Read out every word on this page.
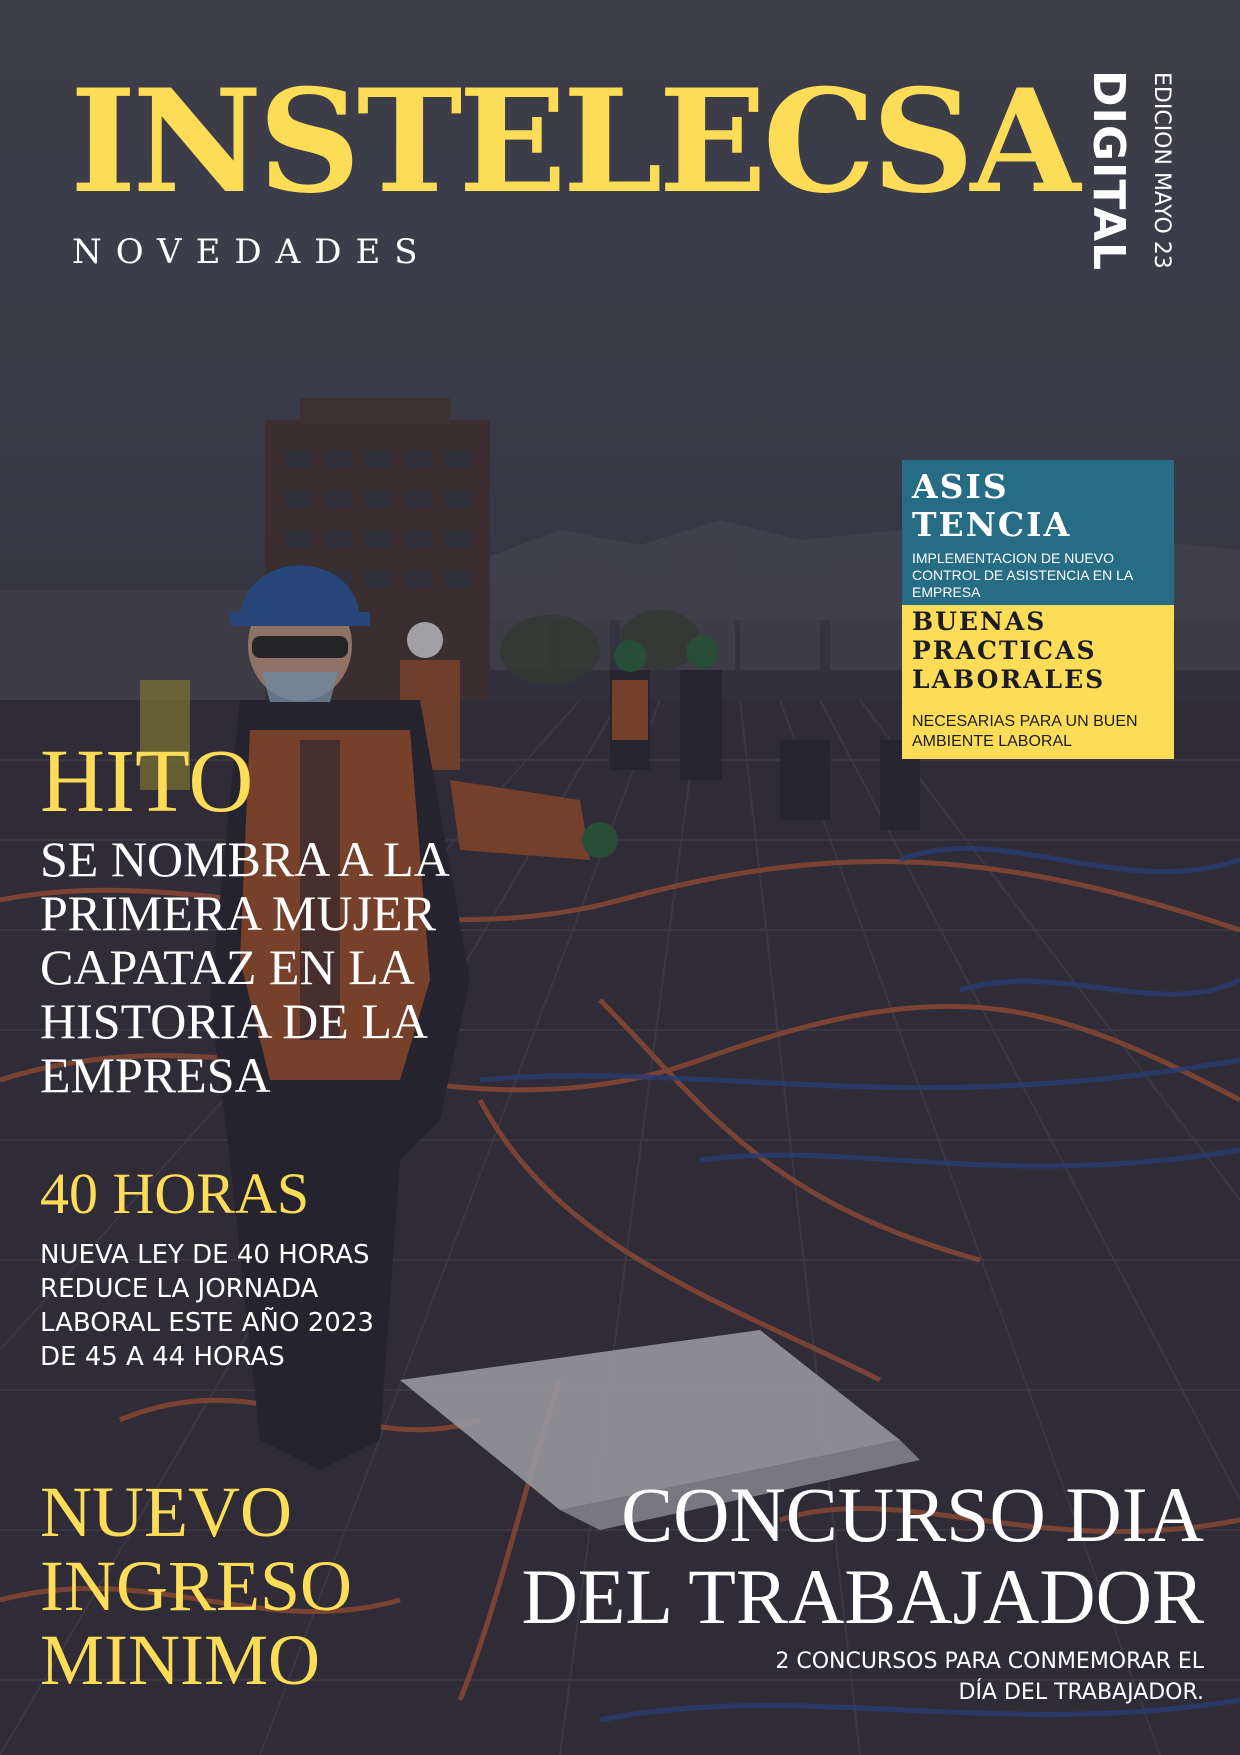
INSTELECSA
NOVEDADES	DIGITAL EDICION MAYO 23
ASIS
TENCIA
IMPLEMENTACION DE NUEVO CONTROL DE ASISTENCIA EN LA EMPRESA
BUENAS
PRACTICAS
LABORALES
NECESARIAS PARA UN BUEN AMBIENTE LABORAL
HITO
SE NOMBRA A LA PRIMERA MUJER CAPATAZ EN LA HISTORIA DE LA EMPRESA
40 HORAS
NUEVA LEY DE 40 HORAS REDUCE LA JORNADA LABORAL ESTE AÑO 2023 DE 45 A 44 HORAS
NUEVO INGRESO MINIMO
CONCURSO DIA DEL TRABAJADOR
2 CONCURSOS PARA CONMEMORAR EL DÍA DEL TRABAJADOR.
